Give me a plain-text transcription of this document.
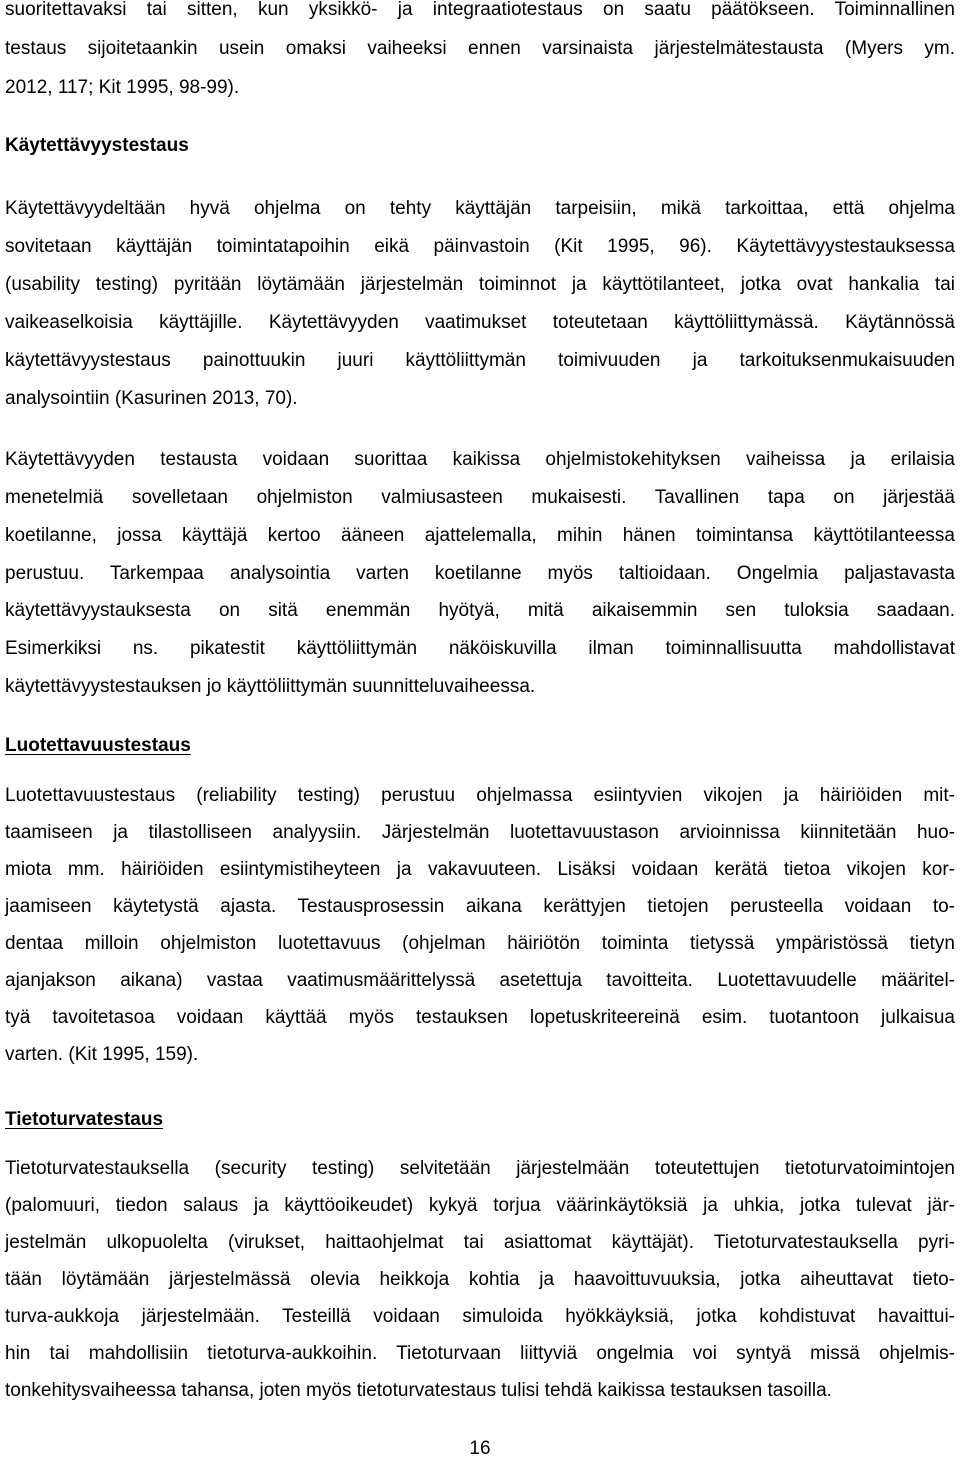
suoritettavaksi tai sitten, kun yksikkö- ja integraatiotestaus on saatu päätökseen. Toiminnallinen
testaus sijoitetaankin usein omaksi vaiheeksi ennen varsinaista järjestelmätestausta (Myers ym.
2012, 117; Kit 1995, 98-99).
Käytettävyystestaus
Käytettävyydeltään hyvä ohjelma on tehty käyttäjän tarpeisiin, mikä tarkoittaa, että ohjelma
sovitetaan käyttäjän toimintatapoihin eikä päinvastoin (Kit 1995, 96). Käytettävyystestauksessa
(usability testing) pyritään löytämään järjestelmän toiminnot ja käyttötilanteet, jotka ovat hankalia tai
vaikeaselkoisia käyttäjille. Käytettävyyden vaatimukset toteutetaan käyttöliittymässä. Käytännössä
käytettävyystestaus painottuukin juuri käyttöliittymän toimivuuden ja tarkoituksenmukaisuuden
analysointiin (Kasurinen 2013, 70).
Käytettävyyden testausta voidaan suorittaa kaikissa ohjelmistokehityksen vaiheissa ja erilaisia
menetelmiä sovelletaan ohjelmiston valmiusasteen mukaisesti. Tavallinen tapa on järjestää
koetilanne, jossa käyttäjä kertoo ääneen ajattelemalla, mihin hänen toimintansa käyttötilanteessa
perustuu. Tarkempaa analysointia varten koetilanne myös taltioidaan. Ongelmia paljastavasta
käytettävyystauksesta on sitä enemmän hyötyä, mitä aikaisemmin sen tuloksia saadaan.
Esimerkiksi ns. pikatestit käyttöliittymän näköiskuvilla ilman toiminnallisuutta mahdollistavat
käytettävyystestauksen jo käyttöliittymän suunnitteluvaiheessa.
Luotettavuustestaus
Luotettavuustestaus (reliability testing) perustuu ohjelmassa esiintyvien vikojen ja häiriöiden mit-
taamiseen ja tilastolliseen analyysiin. Järjestelmän luotettavuustason arvioinnissa kiinnitetään huo-
miota mm. häiriöiden esiintymistiheyteen ja vakavuuteen. Lisäksi voidaan kerätä tietoa vikojen kor-
jaamiseen käytetystä ajasta. Testausprosessin aikana kerättyjen tietojen perusteella voidaan to-
dentaa milloin ohjelmiston luotettavuus (ohjelman häiriötön toiminta tietyssä ympäristössä tietyn
ajanjakson aikana) vastaa vaatimusmäärittelyssä asetettuja tavoitteita. Luotettavuudelle määritel-
tyä tavoitetasoa voidaan käyttää myös testauksen lopetuskriteereinä esim. tuotantoon julkaisua
varten. (Kit 1995, 159).
Tietoturvatestaus
Tietoturvatestauksella (security testing) selvitetään järjestelmään toteutettujen tietoturvatoimintojen
(palomuuri, tiedon salaus ja käyttöoikeudet) kykyä torjua väärinkäytöksiä ja uhkia, jotka tulevat jär-
jestelmän ulkopuolelta (virukset, haittaohjelmat tai asiattomat käyttäjät). Tietoturvatestauksella pyri-
tään löytämään järjestelmässä olevia heikkoja kohtia ja haavoittuvuuksia, jotka aiheuttavat tieto-
turva-aukkoja järjestelmään. Testeillä voidaan simuloida hyökkäyksiä, jotka kohdistuvat havaittui-
hin tai mahdollisiin tietoturva-aukkoihin. Tietoturvaan liittyviä ongelmia voi syntyä missä ohjelmis-
tonkehitysvaiheessa tahansa, joten myös tietoturvatestaus tulisi tehdä kaikissa testauksen tasoilla.
16
